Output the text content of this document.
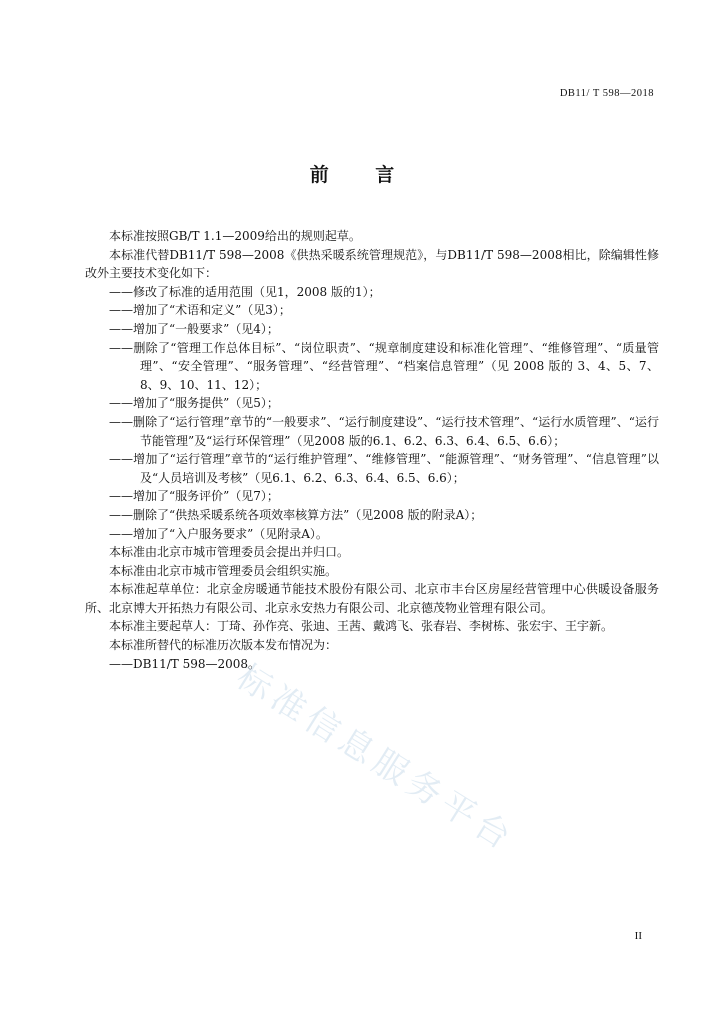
DB11/ T 598—2018
前 言

本标准按照GB/T 1.1—2009给出的规则起草。

本标准代替DB11/T 598—2008《供热采暖系统管理规范》，与DB11/T 598—2008相比，除编辑性修改外主要技术变化如下：

——修改了标准的适用范围（见1，2008 版的1）；

——增加了“术语和定义”（见3）；

——增加了“一般要求”（见4）；

——删除了“管理工作总体目标”、“岗位职责”、“规章制度建设和标准化管理”、“维修管理”、“质量管理”、“安全管理”、“服务管理”、“经营管理”、“档案信息管理”（见 2008 版的 3、4、5、7、8、9、10、11、12）；

——增加了“服务提供”（见5）；

——删除了“运行管理”章节的“一般要求”、“运行制度建设”、“运行技术管理”、“运行水质管理”、“运行节能管理”及“运行环保管理”（见2008 版的6.1、6.2、6.3、6.4、6.5、6.6）；

——增加了“运行管理”章节的“运行维护管理”、“维修管理”、“能源管理”、“财务管理”、“信息管理”以及“人员培训及考核”（见6.1、6.2、6.3、6.4、6.5、6.6）；

——增加了“服务评价”（见7）；

——删除了“供热采暖系统各项效率核算方法”（见2008 版的附录A）；

——增加了“入户服务要求”（见附录A）。

本标准由北京市城市管理委员会提出并归口。

本标准由北京市城市管理委员会组织实施。

本标准起草单位：北京金房暖通节能技术股份有限公司、北京市丰台区房屋经营管理中心供暖设备服务所、北京博大开拓热力有限公司、北京永安热力有限公司、北京德茂物业管理有限公司。

本标准主要起草人：丁琦、孙作亮、张迪、王茜、戴鸿飞、张春岩、李树栋、张宏宇、王宇新。

本标准所替代的标准历次版本发布情况为：

——DB11/T 598—2008。

标准信息服务平台
II
